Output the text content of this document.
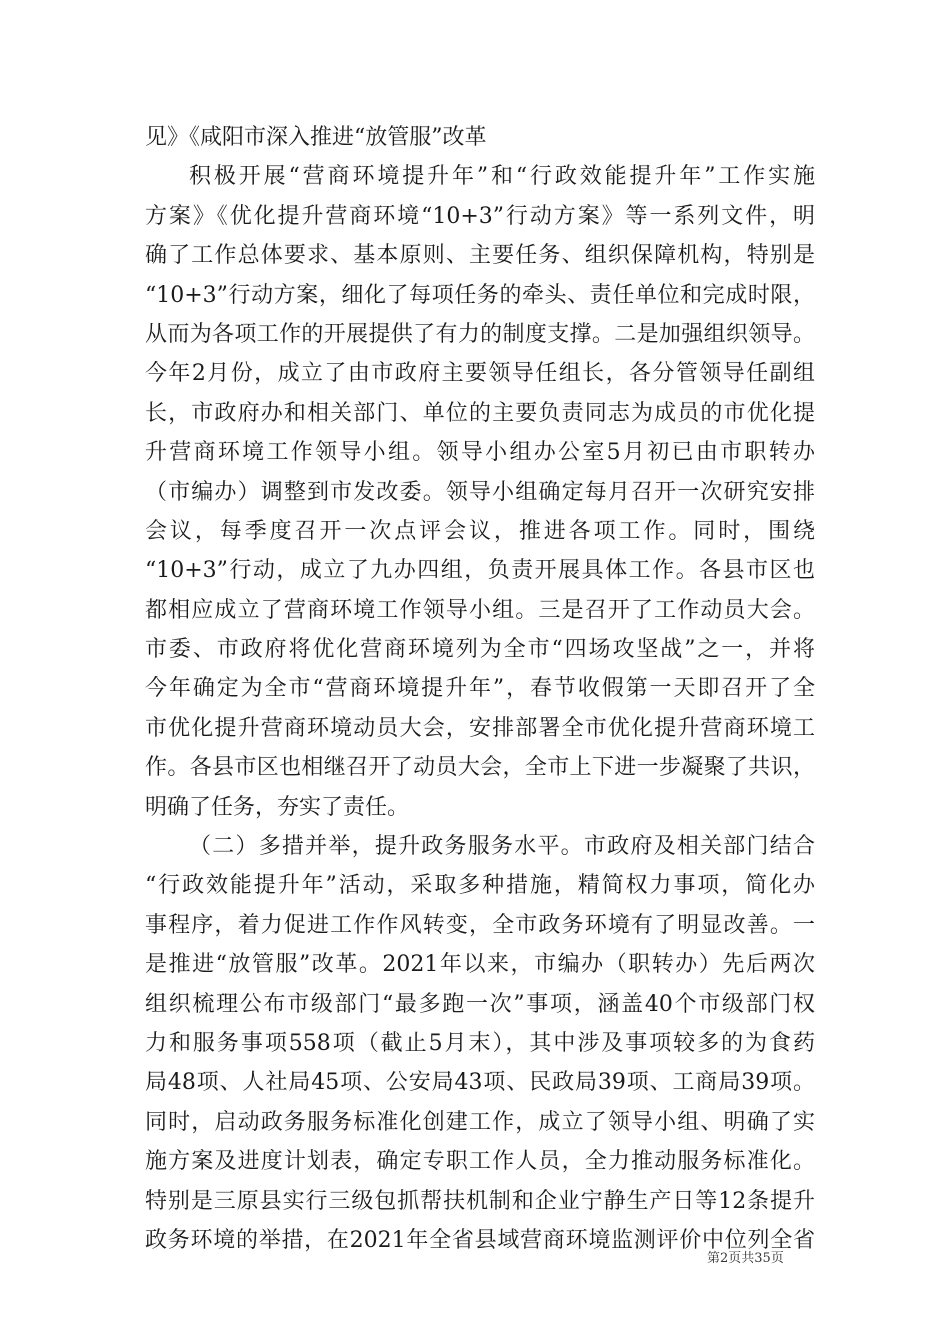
见》《咸阳市深入推进“放管服”改革
积极开展“营商环境提升年”和“行政效能提升年”工作实施
方案》《优化提升营商环境“10+3”行动方案》等一系列文件，明
确了工作总体要求、基本原则、主要任务、组织保障机构，特别是
“10+3”行动方案，细化了每项任务的牵头、责任单位和完成时限，
从而为各项工作的开展提供了有力的制度支撑。二是加强组织领导。
今年2月份，成立了由市政府主要领导任组长，各分管领导任副组
长，市政府办和相关部门、单位的主要负责同志为成员的市优化提
升营商环境工作领导小组。领导小组办公室5月初已由市职转办
（市编办）调整到市发改委。领导小组确定每月召开一次研究安排
会议，每季度召开一次点评会议，推进各项工作。同时，围绕
“10+3”行动，成立了九办四组，负责开展具体工作。各县市区也
都相应成立了营商环境工作领导小组。三是召开了工作动员大会。
市委、市政府将优化营商环境列为全市“四场攻坚战”之一，并将
今年确定为全市“营商环境提升年”，春节收假第一天即召开了全
市优化提升营商环境动员大会，安排部署全市优化提升营商环境工
作。各县市区也相继召开了动员大会，全市上下进一步凝聚了共识，
明确了任务，夯实了责任。
（二）多措并举，提升政务服务水平。市政府及相关部门结合
“行政效能提升年”活动，采取多种措施，精简权力事项，简化办
事程序，着力促进工作作风转变，全市政务环境有了明显改善。一
是推进“放管服”改革。2021年以来，市编办（职转办）先后两次
组织梳理公布市级部门“最多跑一次”事项，涵盖40个市级部门权
力和服务事项558项（截止5月末），其中涉及事项较多的为食药
局48项、人社局45项、公安局43项、民政局39项、工商局39项。
同时，启动政务服务标准化创建工作，成立了领导小组、明确了实
施方案及进度计划表，确定专职工作人员，全力推动服务标准化。
特别是三原县实行三级包抓帮扶机制和企业宁静生产日等12条提升
政务环境的举措，在2021年全省县域营商环境监测评价中位列全省
第2页共35页
